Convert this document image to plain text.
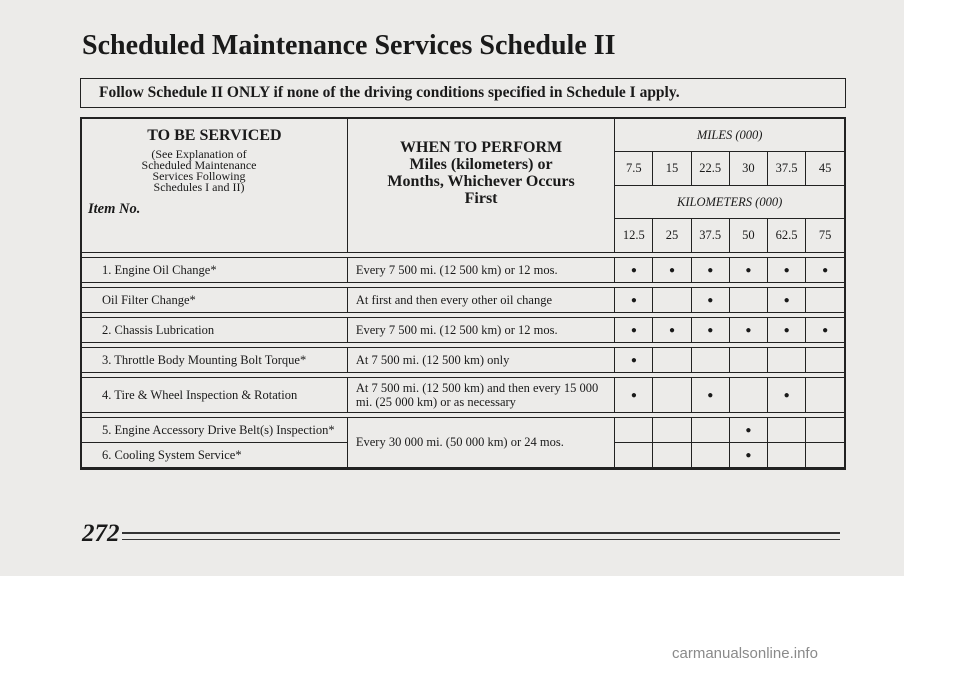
Scheduled Maintenance Services Schedule II
Follow Schedule II ONLY if none of the driving conditions specified in Schedule I apply.
TO BE SERVICED
(See Explanation of Scheduled Maintenance Services Following Schedules I and II)
Item No.	WHEN TO PERFORM Miles (kilometers) or Months, Whichever Occurs First	MILES (000)					
		7.5	15	22.5	30	37.5	45
		KILOMETERS (000)					
		12.5	25	37.5	50	62.5	75

1. Engine Oil Change*	Every 7 500 mi. (12 500 km) or 12 mos.	●	●	●	●	●	●

Oil Filter Change*	At first and then every other oil change	●		●		●	

2. Chassis Lubrication	Every 7 500 mi. (12 500 km) or 12 mos.	●	●	●	●	●	●

3. Throttle Body Mounting Bolt Torque*	At 7 500 mi. (12 500 km) only	●					

4. Tire & Wheel Inspection & Rotation	At 7 500 mi. (12 500 km) and then every 15 000 mi. (25 000 km) or as necessary	●		●		●	

5. Engine Accessory Drive Belt(s) Inspection*	Every 30 000 mi. (50 000 km) or 24 mos.				●		
6. Cooling System Service*					●		
272
carmanualsonline.info
